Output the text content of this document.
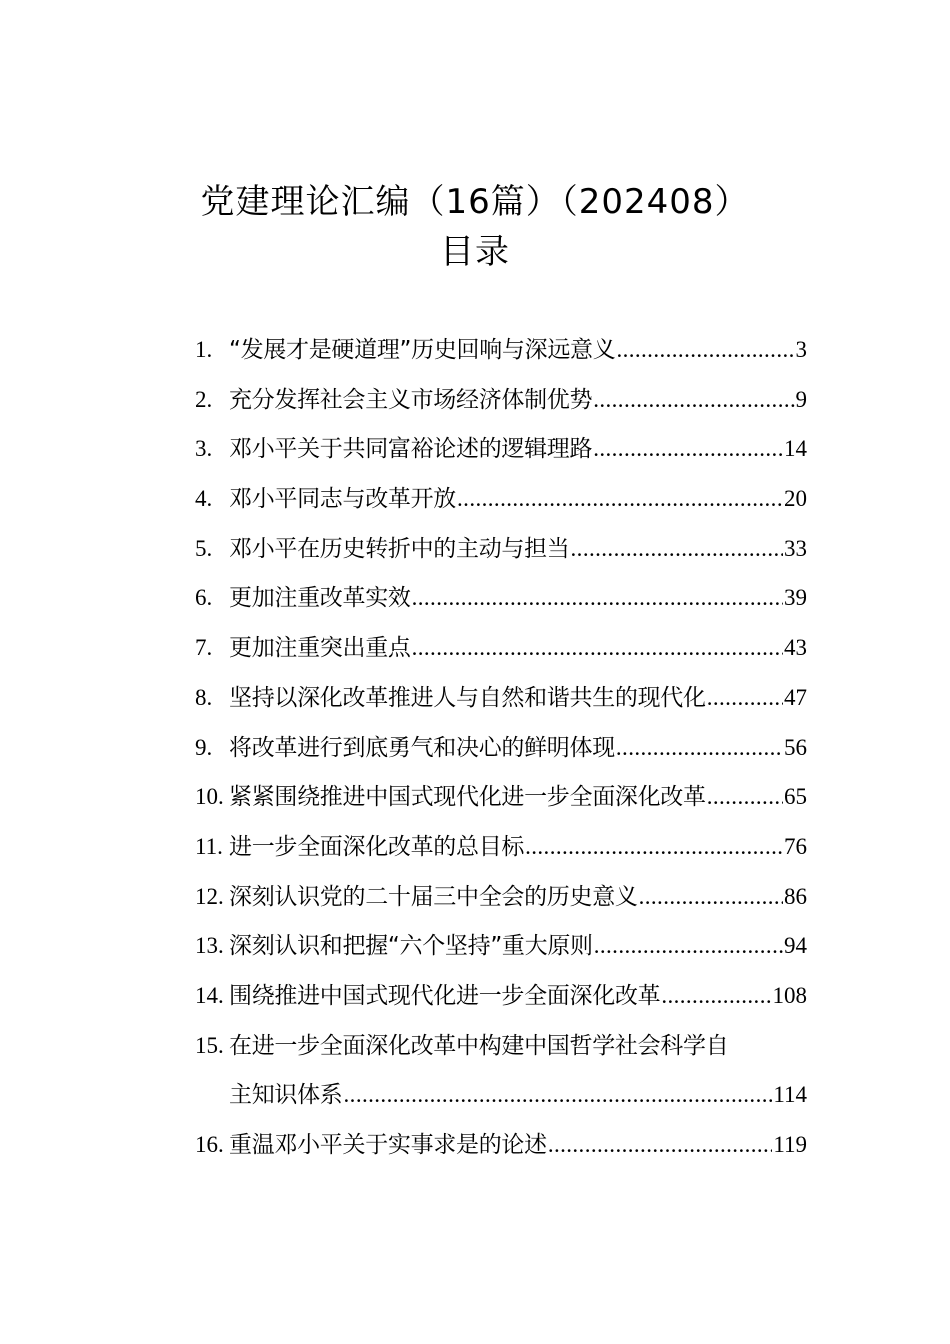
党建理论汇编（16篇）（202408）
目录
1. “发展才是硬道理”历史回响与深远意义 .....	3
2. 充分发挥社会主义市场经济体制优势 .....	9
3. 邓小平关于共同富裕论述的逻辑理路 .....	14
4. 邓小平同志与改革开放 .....	20
5. 邓小平在历史转折中的主动与担当 .....	33
6. 更加注重改革实效 .....	39
7. 更加注重突出重点 .....	43
8. 坚持以深化改革推进人与自然和谐共生的现代化 .....	47
9. 将改革进行到底勇气和决心的鲜明体现 .....	56
10. 紧紧围绕推进中国式现代化进一步全面深化改革 .....	65
11. 进一步全面深化改革的总目标 .....	76
12. 深刻认识党的二十届三中全会的历史意义 .....	86
13. 深刻认识和把握“六个坚持”重大原则 .....	94
14. 围绕推进中国式现代化进一步全面深化改革 .....	108
15. 在进一步全面深化改革中构建中国哲学社会科学自
主知识体系 .....	114
16. 重温邓小平关于实事求是的论述 .....	119
